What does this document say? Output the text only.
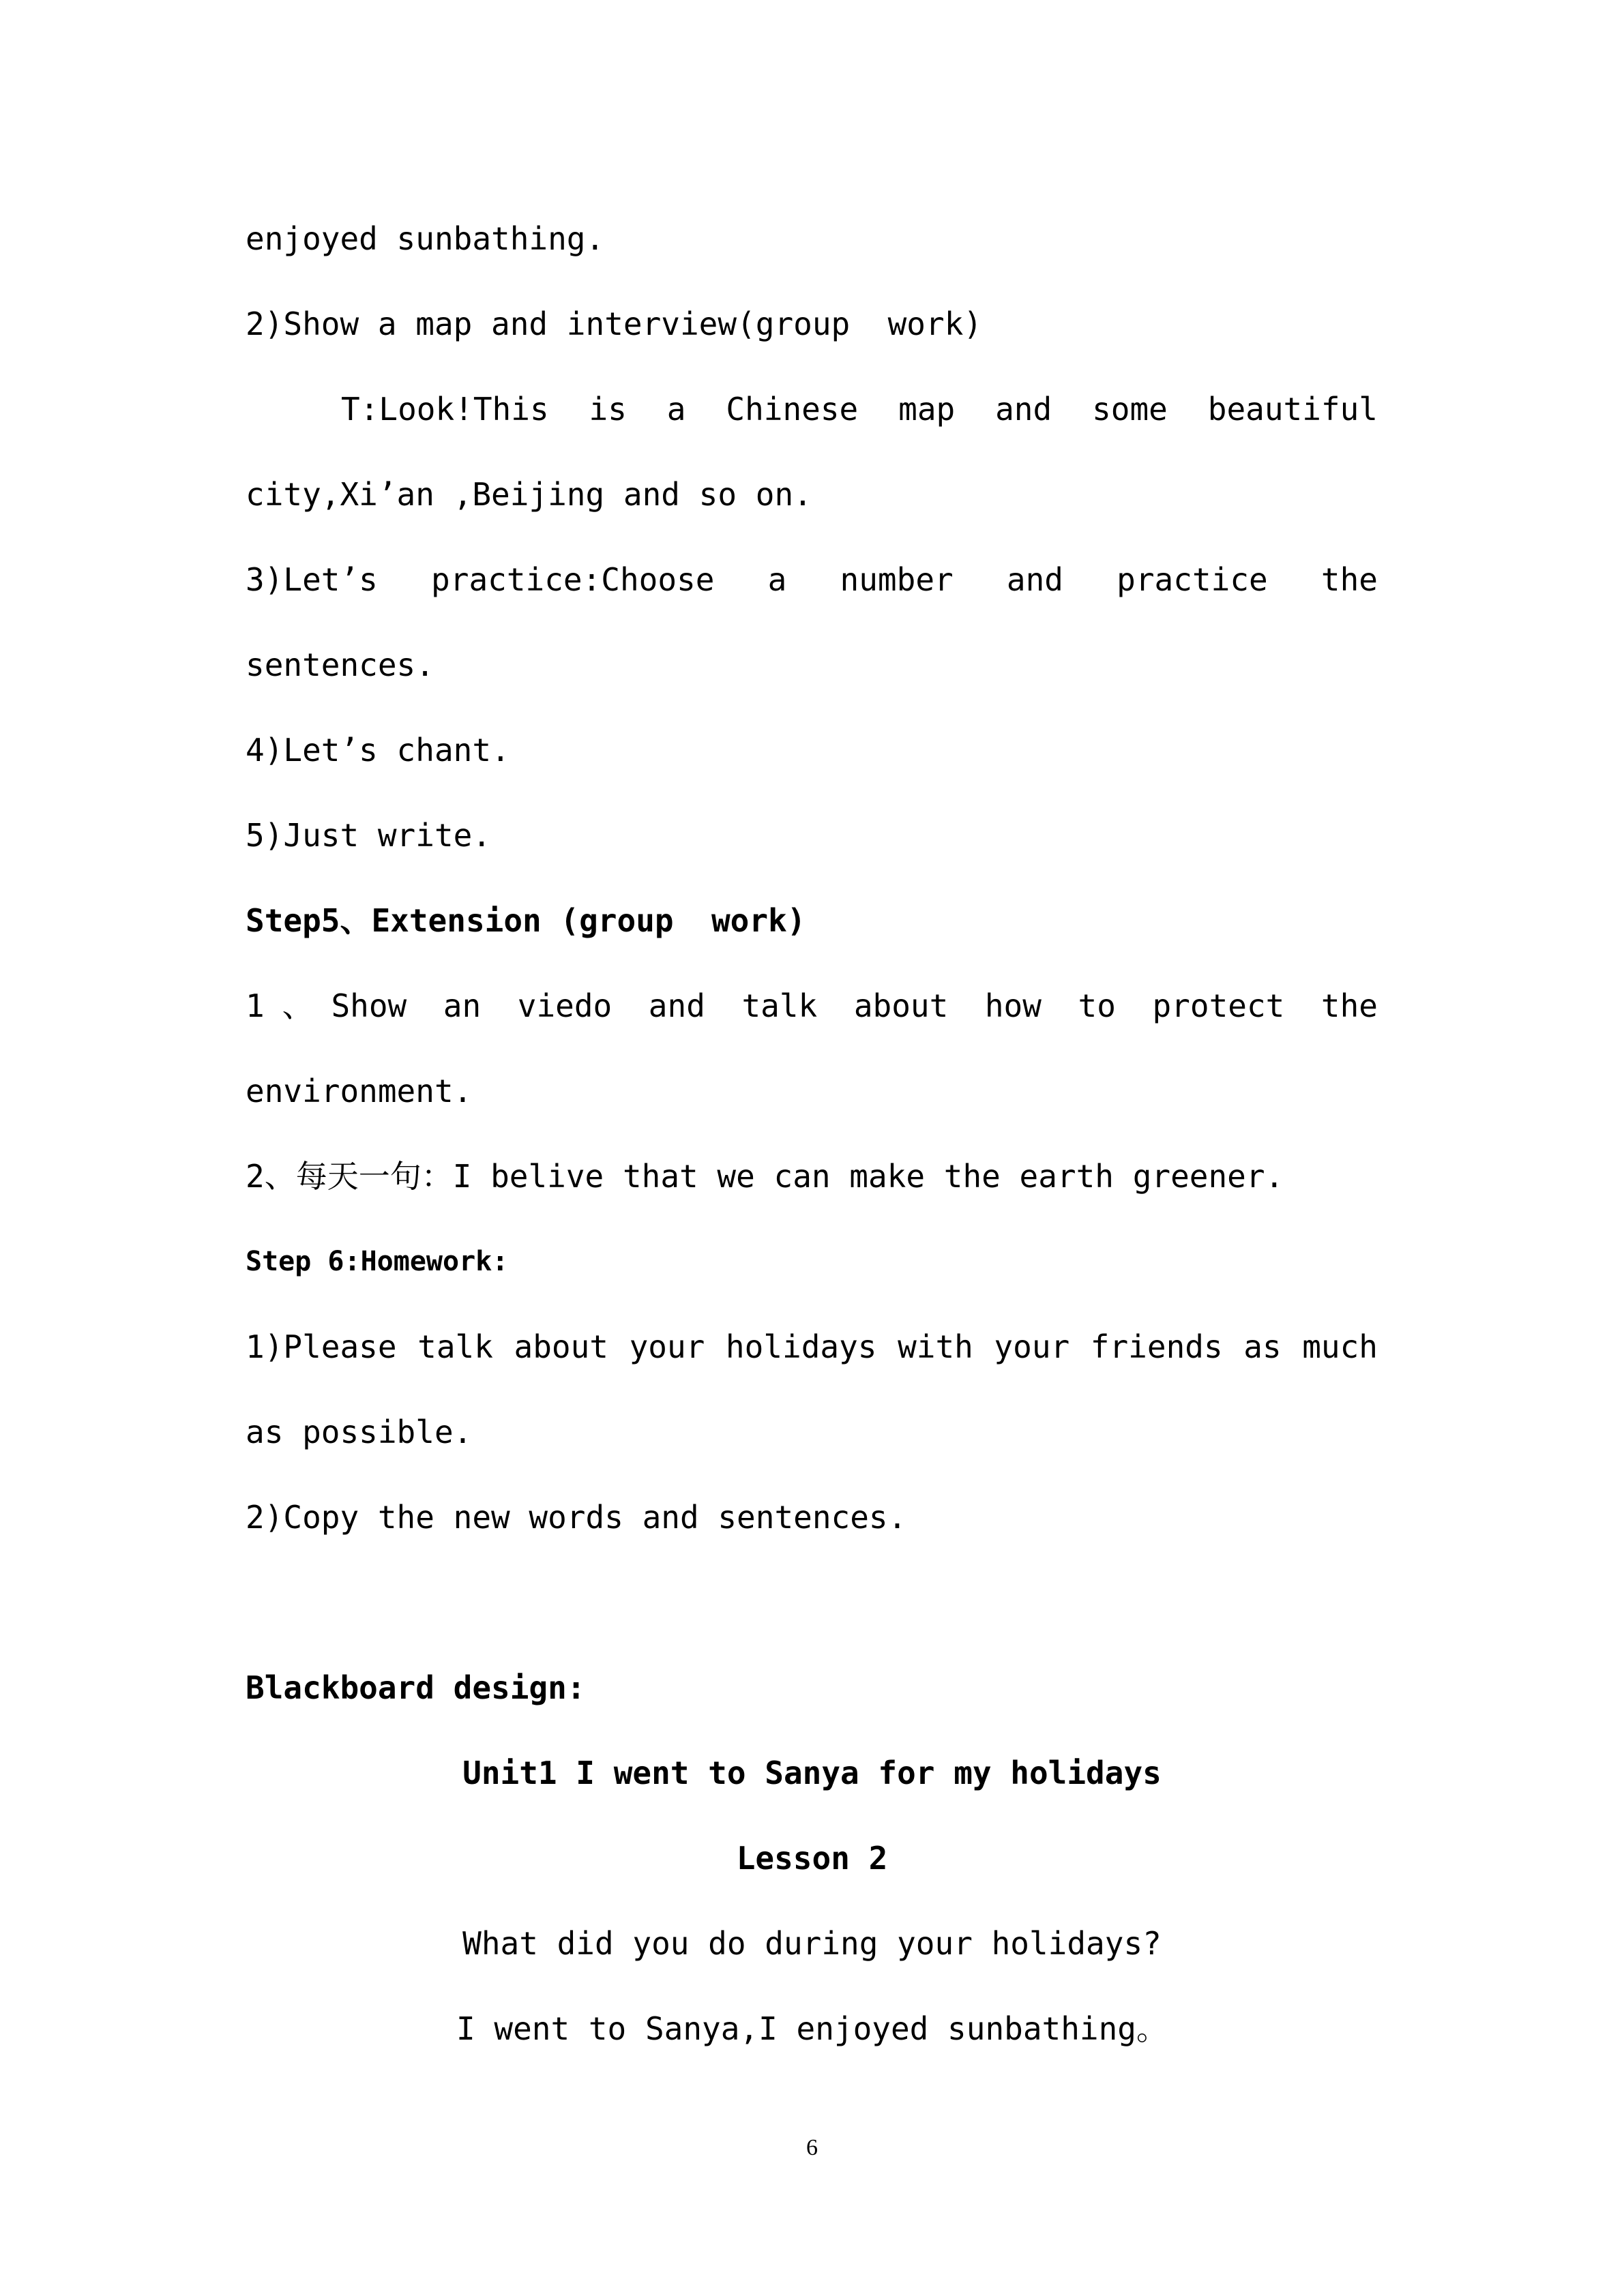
enjoyed sunbathing.
2)Show a map and interview(group  work)
T:Look!This is a Chinese map and some beautiful
city,Xi’an ,Beijing and so on.
3)Let’s practice:Choose a number and practice the
sentences.
4)Let’s chant.
5)Just write.
Step5、Extension (group  work)
1、Show an viedo and talk about how to protect the
environment.
2、每天一句：I belive that we can make the earth greener.
Step 6:Homework:
1)Please talk about your holidays with your friends as much
as possible.
2)Copy the new words and sentences.
Blackboard design:
Unit1 I went to Sanya for my holidays
Lesson 2
What did you do during your holidays?
I went to Sanya,I enjoyed sunbathing。
6
